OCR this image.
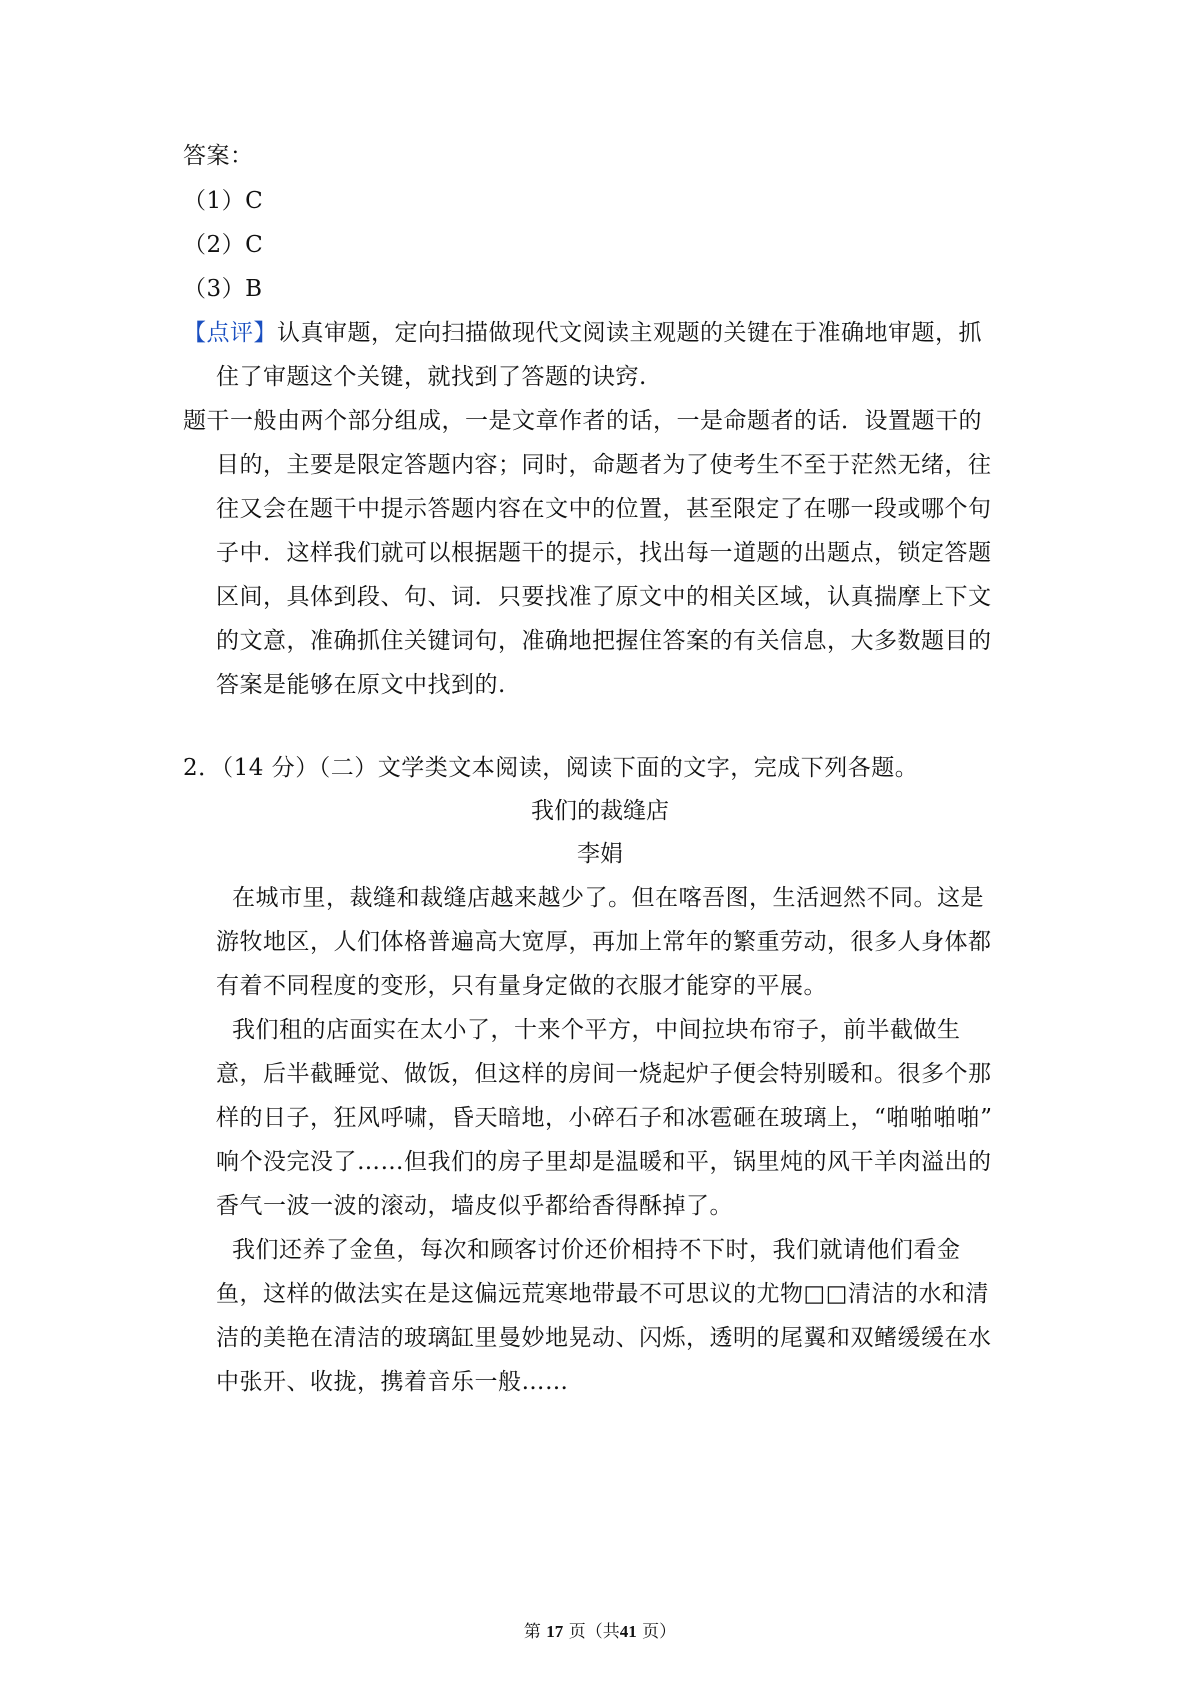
答案：
（1）C
（2）C
（3）B
【点评】认真审题，定向扫描做现代文阅读主观题的关键在于准确地审题，抓
住了审题这个关键，就找到了答题的诀窍.
题干一般由两个部分组成，一是文章作者的话，一是命题者的话．设置题干的
目的，主要是限定答题内容；同时，命题者为了使考生不至于茫然无绪，往
往又会在题干中提示答题内容在文中的位置，甚至限定了在哪一段或哪个句
子中．这样我们就可以根据题干的提示，找出每一道题的出题点，锁定答题
区间，具体到段、句、词．只要找准了原文中的相关区域，认真揣摩上下文
的文意，准确抓住关键词句，准确地把握住答案的有关信息，大多数题目的
答案是能够在原文中找到的.
2．（14 分）（二）文学类文本阅读，阅读下面的文字，完成下列各题。
我们的裁缝店
李娟
在城市里，裁缝和裁缝店越来越少了。但在喀吾图，生活迥然不同。这是
游牧地区，人们体格普遍高大宽厚，再加上常年的繁重劳动，很多人身体都
有着不同程度的变形，只有量身定做的衣服才能穿的平展。
我们租的店面实在太小了，十来个平方，中间拉块布帘子，前半截做生
意，后半截睡觉、做饭，但这样的房间一烧起炉子便会特别暖和。很多个那
样的日子，狂风呼啸，昏天暗地，小碎石子和冰雹砸在玻璃上，“啪啪啪啪”
响个没完没了……但我们的房子里却是温暖和平，锅里炖的风干羊肉溢出的
香气一波一波的滚动，墙皮似乎都给香得酥掉了。
我们还养了金鱼，每次和顾客讨价还价相持不下时，我们就请他们看金
鱼，这样的做法实在是这偏远荒寒地带最不可思议的尤物□□清洁的水和清
洁的美艳在清洁的玻璃缸里曼妙地晃动、闪烁，透明的尾翼和双鳍缓缓在水
中张开、收拢，携着音乐一般……
第 17 页（共41 页）
